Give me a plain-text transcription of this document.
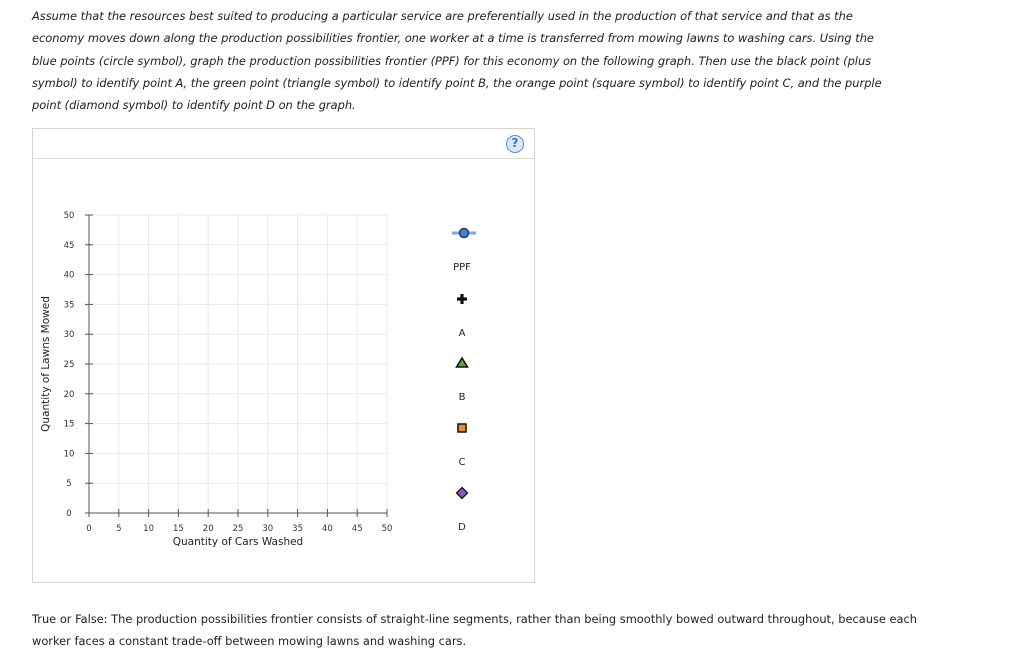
Assume that the resources best suited to producing a particular service are preferentially used in the production of that service and that as the economy moves down along the production possibilities frontier, one worker at a time is transferred from mowing lawns to washing cars. Using the blue points (circle symbol), graph the production possibilities frontier (PPF) for this economy on the following graph. Then use the black point (plus symbol) to identify point A, the green point (triangle symbol) to identify point B, the orange point (square symbol) to identify point C, and the purple point (diamond symbol) to identify point D on the graph.
?
0	5	10 15 20 25 30 35 40 45 50
0
5
10
15
20
25
30
35
40
45
50
Quantity of Cars Washed
Quantity of Lawns Mowed
PPF
A
B
C
D
True or False: The production possibilities frontier consists of straight-line segments, rather than being smoothly bowed outward throughout, because each worker faces a constant trade-off between mowing lawns and washing cars.
